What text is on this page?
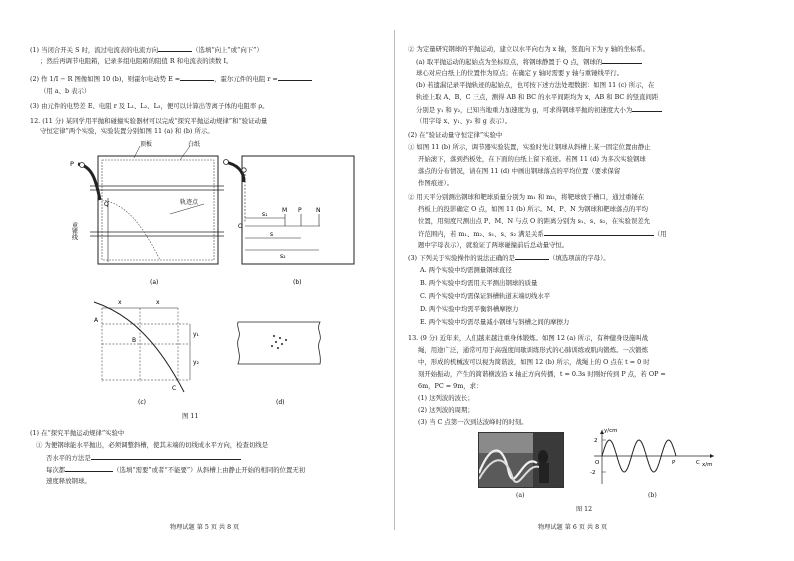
(1) 当闭合开关 S 时，流过电流表的电流方向	（选填“向上”或“向下”）
；然后再调节电阻箱，记录多组电阻箱的阻值 R 和电流表的读数 I。
(2) 作 1/I − R 图像如图 10 (b)，则霍尔电动势 E =	，霍尔元件的电阻 r =
（用 a、b 表示）
(3) 由元件的电势差 E、电阻 r 及 L₁、L₂、L₃，便可以计算出等离子体的电阻率 ρ。
12. (11 分) 某同学用平抛和碰撞实验器材可以完成“探究平抛运动规律”和“验证动量
守恒定律”两个实验，实验装置分别如图 11 (a) 和 (b) 所示。
顶板	白纸
轨迹点
P
Q
重锤线
(a)
O
M P N
s₁
s
s₂
(b)
x	x
y₁
y₂
A
B
C
(c)	(d)
图 11
(1) 在“探究平抛运动规律”实验中
① 为便钢球能水平抛出，必须调整斜槽，使其末端的切线成水平方向，检查切线是
否水平的方法是
每次都	（选填“需要”或者“不能要”）从斜槽上由静止开始的相同的位置无初
速度释放钢球。
物理试题 第 5 页 共 8 页
② 为定量研究钢球的平抛运动，建立以水平向右为 x 轴，竖直向下为 y 轴的坐标系。
(a) 取平抛运动的起始点为坐标原点，将钢球静置于 Q 点，钢球的
球心对应白纸上的位置作为原点；在确定 y 轴时需要 y 轴与重锤线平行。
(b) 若遗漏记录平抛轨迹的起始点，也可按下述方法处理数据：如图 11 (c) 所示，在
轨迹上取 A、B、C 三点，测得 AB 和 BC 的水平间距均为 x，AB 和 BC 的竖直间距
分别是 y₁ 和 y₂，已知当地重力加速度为 g，可求得钢球平抛的初速度大小为
（用字母 x、y₁、y₂ 和 g 表示）。
(2) 在“验证动量守恒定律”实验中
① 如图 11 (b) 所示，调节器实验装置，实验时先让钢球从斜槽上某一固定位置由静止
开始滚下，落到挡板处，在下面的白纸上留下痕迹。若图 11 (d) 为多次实验钢球
落点的分布情况，请在图 11 (d) 中画出钢球落点的平均位置（要求保留
作图痕迹）。
② 用天平分别测出钢球和靶球质量分别为 m₁ 和 m₂，将靶球放于槽口，通过重锤在
挡板上的投影确定 O 点，如图 11 (b) 所示。M、P、N 为钢球和靶球落点的平均
位置，用刻度尺测出点 P、M、N 与点 O 的距离分别为 s₁、s、s₂，在实验误差允
许范围内，若 m₁、m₂、s₁、s、s₂ 满足关系	（用
题中字母表示），就验证了两球碰撞前后总动量守恒。
(3) 下列关于实验操作的说法正确的是	（填选项前的字母）。
A. 两个实验中均需测量钢球直径
B. 两个实验中均需用天平测出钢球的质量
C. 两个实验中均需保证斜槽轨道末端切线水平
D. 两个实验中均需平衡斜槽摩擦力
E. 两个实验中均需尽量减小钢球与斜槽之间的摩擦力
13. (9 分) 近年来，人们越来越注重身体锻炼。如图 12 (a) 所示，有种健身设施叫战
绳，用途广泛，通常可用于高强度间歇训练形式的心肺训练或肌肉锻炼。一次锻炼
中，形成的机械波可以视为简谐波，如图 12 (b) 所示，战绳上的 O 点在 t = 0 时
刻开始振动，产生的简谐横波沿 x 轴正方向传播，t = 0.3s 时刚好传到 P 点，若 OP =
6m，PC = 9m，求：
(1) 这列波的波长；
(2) 这列波的周期；
(3) 当 C 点第一次到达波峰时的时刻。
y/cm
x/m
2
-2
O	P	C
(a)	(b)
图 12
物理试题 第 6 页 共 8 页
